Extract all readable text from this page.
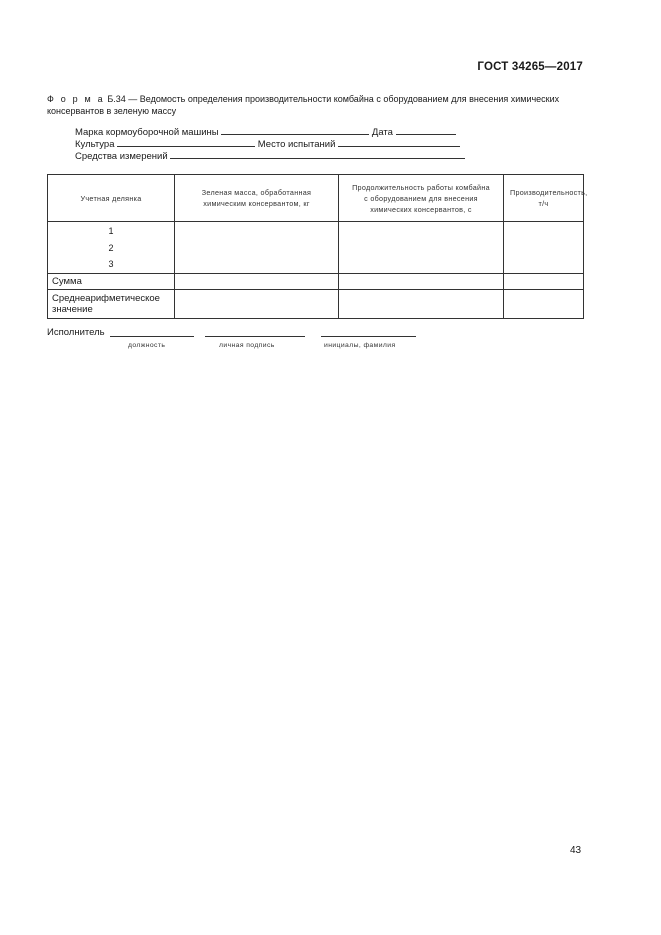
ГОСТ 34265—2017
Ф о р м а Б.34 — Ведомость определения производительности комбайна с оборудованием для внесения химических консервантов в зеленую массу
Марка кормоуборочной машины	Дата
Культура	Место испытаний
Средства измерений
Учетная делянка	Зеленая масса, обработанная химическим консервантом, кг	Продолжительность работы комбайна с оборудованием для внесения химических консервантов, с	Производительность, т/ч

1
2
3			

Сумма			
Среднеарифметическое значение			
Исполнитель
должность	личная подпись	инициалы, фамилия
43
